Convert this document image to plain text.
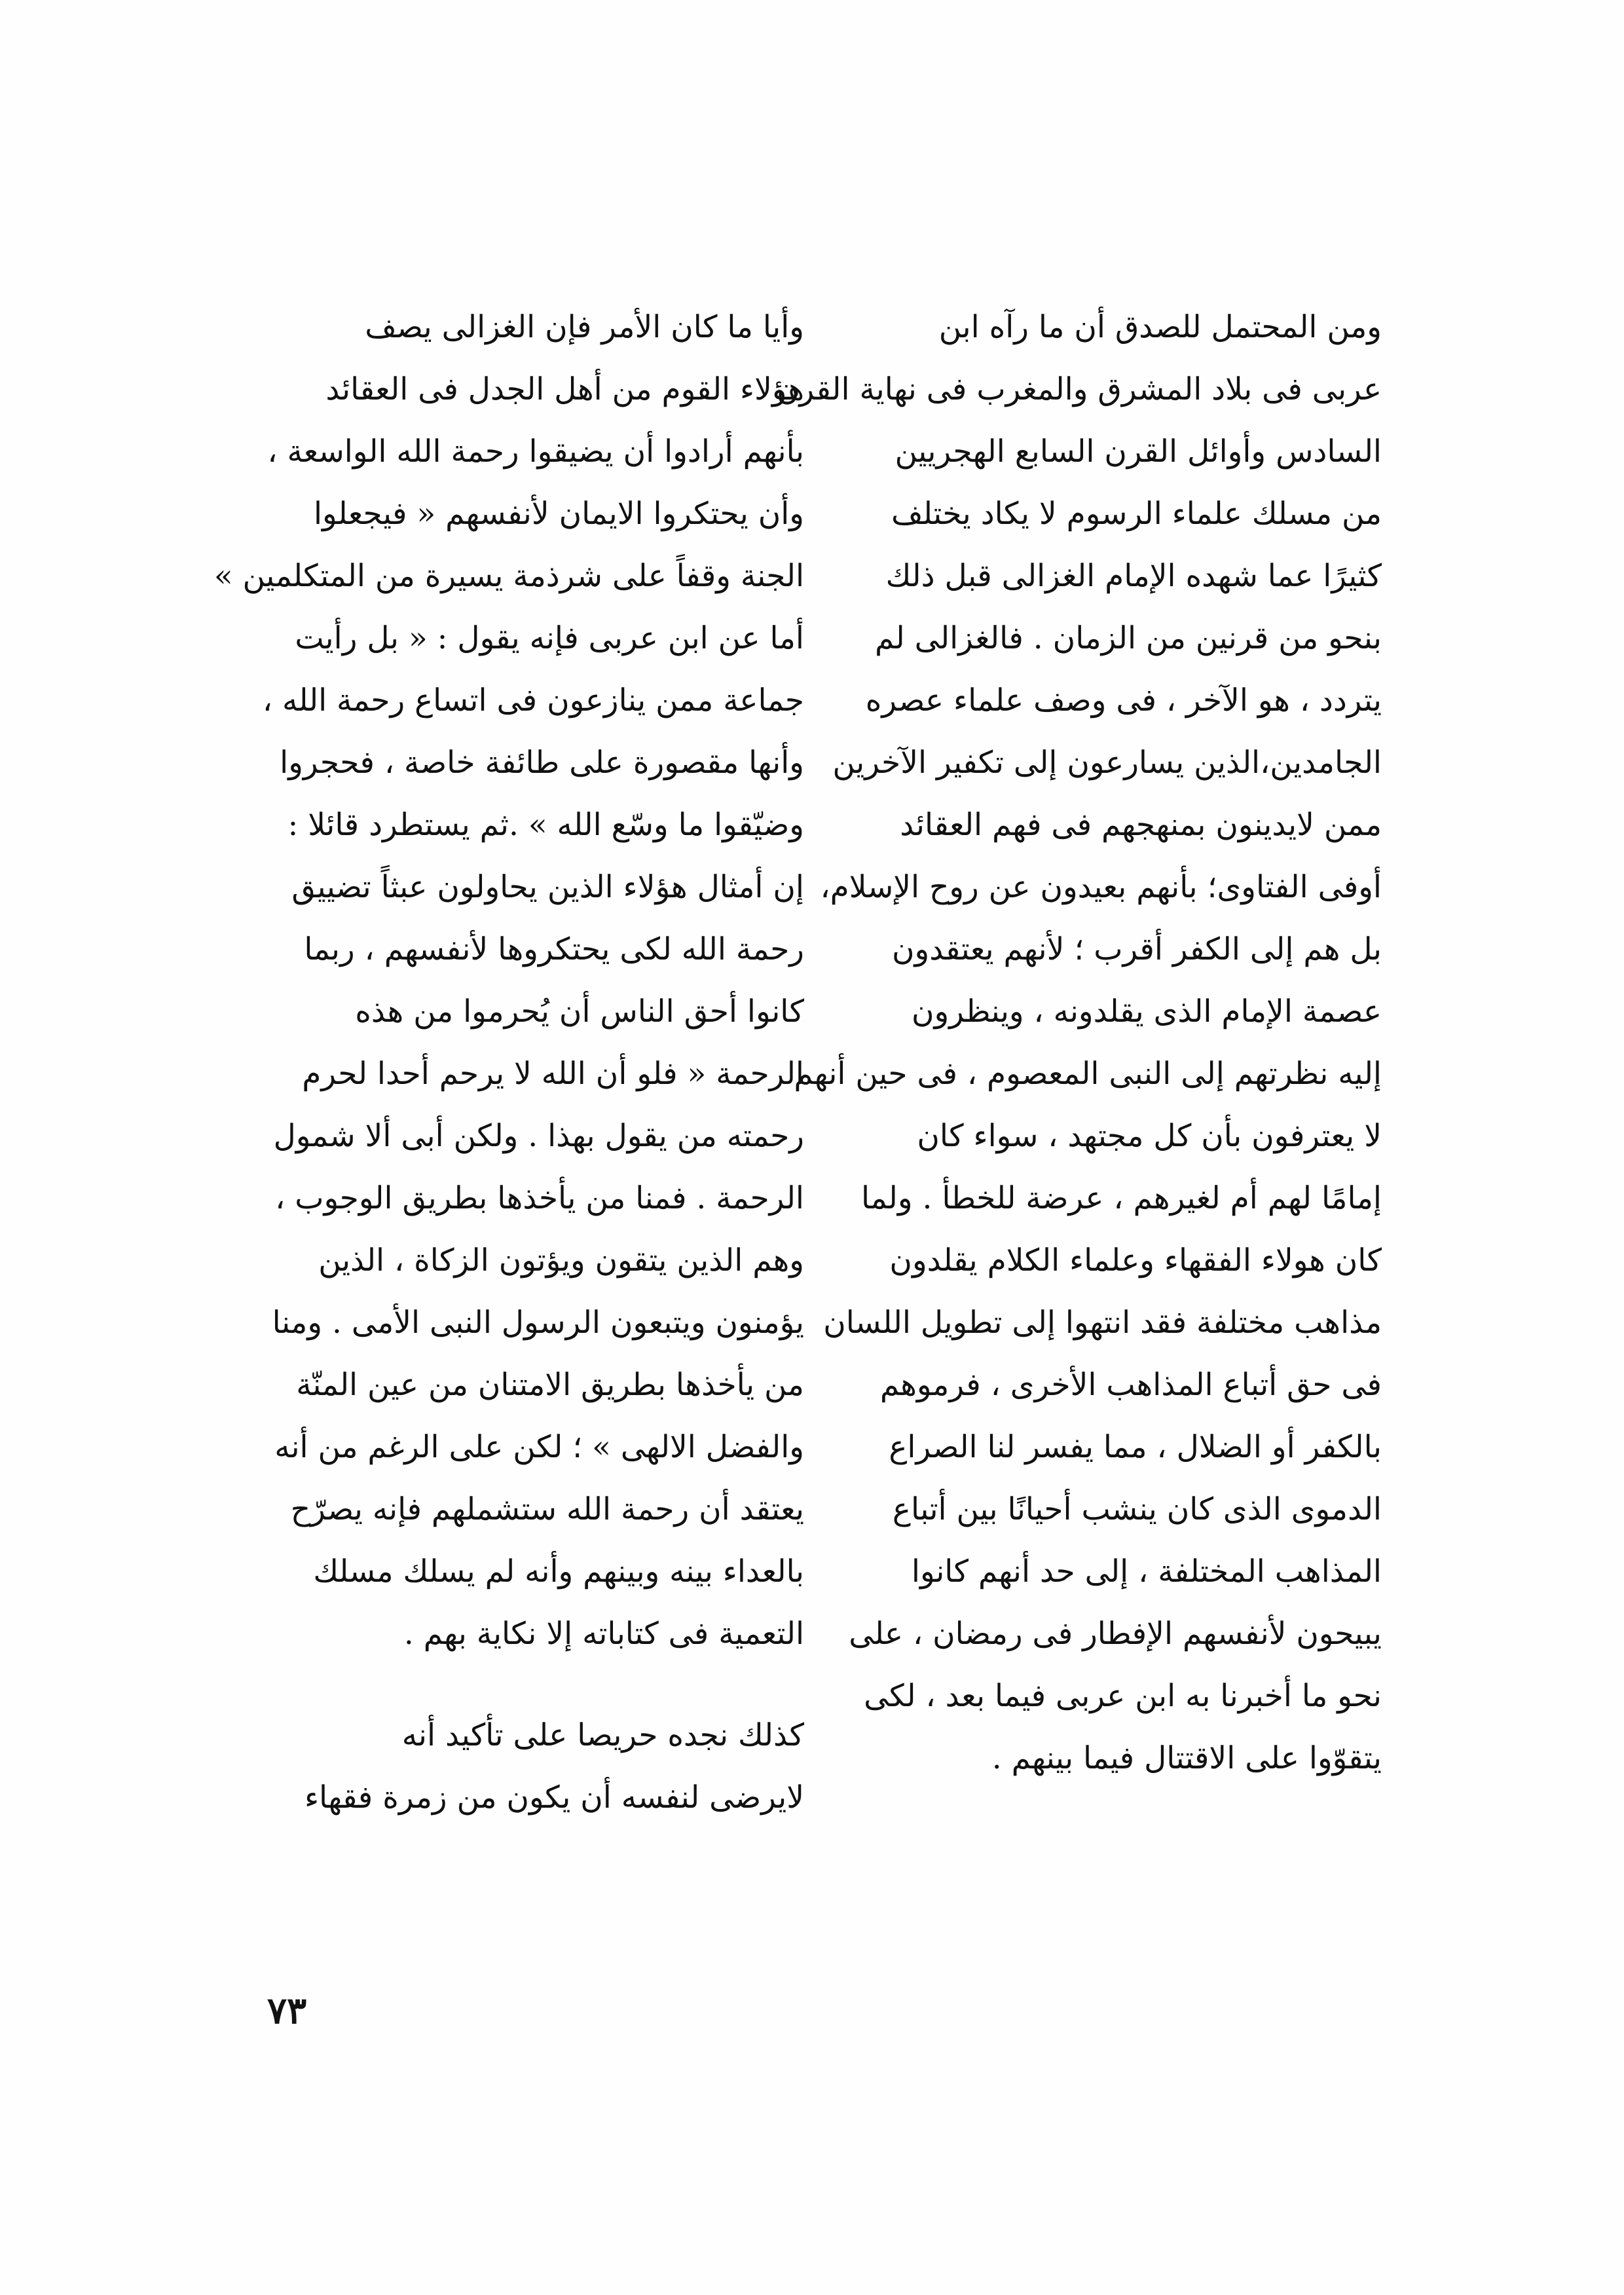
ومن المحتمل للصدق أن ما رآه ابن
عربى فى بلاد المشرق والمغرب فى نهاية القرن
السادس وأوائل القرن السابع الهجريين
من مسلك علماء الرسوم لا يكاد يختلف
كثيرًا عما شهده الإمام الغزالى قبل ذلك
بنحو من قرنين من الزمان . فالغزالى لم
يتردد ، هو الآخر ، فى وصف علماء عصره
الجامدين،الذين يسارعون إلى تكفير الآخرين
ممن لايدينون بمنهجهم فى فهم العقائد
أوفى الفتاوى؛ بأنهم بعيدون عن روح الإسلام،
بل هم إلى الكفر أقرب ؛ لأنهم يعتقدون
عصمة الإمام الذى يقلدونه ، وينظرون
إليه نظرتهم إلى النبى المعصوم ، فى حين أنهم
لا يعترفون بأن كل مجتهد ، سواء كان
إمامًا لهم أم لغيرهم ، عرضة للخطأ . ولما
كان هولاء الفقهاء وعلماء الكلام يقلدون
مذاهب مختلفة فقد انتهوا إلى تطويل اللسان
فى حق أتباع المذاهب الأخرى ، فرموهم
بالكفر أو الضلال ، مما يفسر لنا الصراع
الدموى الذى كان ينشب أحيانًا بين أتباع
المذاهب المختلفة ، إلى حد أنهم كانوا
يبيحون لأنفسهم الإفطار فى رمضان ، على
نحو ما أخبرنا به ابن عربى فيما بعد ، لكى
يتقوّوا على الاقتتال فيما بينهم .
وأيا ما كان الأمر فإن الغزالى يصف
هؤلاء القوم من أهل الجدل فى العقائد
بأنهم أرادوا أن يضيقوا رحمة الله الواسعة ،
وأن يحتكروا الايمان لأنفسهم « فيجعلوا
الجنة وقفاً على شرذمة يسيرة من المتكلمين »
أما عن ابن عربى فإنه يقول : « بل رأيت
جماعة ممن ينازعون فى اتساع رحمة الله ،
وأنها مقصورة على طائفة خاصة ، فحجروا
وضيّقوا ما وسّع الله » .ثم يستطرد قائلا :
إن أمثال هؤلاء الذين يحاولون عبثاً تضييق
رحمة الله لكى يحتكروها لأنفسهم ، ربما
كانوا أحق الناس أن يُحرموا من هذه
الرحمة « فلو أن الله لا يرحم أحدا لحرم
رحمته من يقول بهذا . ولكن أبى ألا شمول
الرحمة . فمنا من يأخذها بطريق الوجوب ،
وهم الذين يتقون ويؤتون الزكاة ، الذين
يؤمنون ويتبعون الرسول النبى الأمى . ومنا
من يأخذها بطريق الامتنان من عين المنّة
والفضل الالهى » ؛ لكن على الرغم من أنه
يعتقد أن رحمة الله ستشملهم فإنه يصرّح
بالعداء بينه وبينهم وأنه لم يسلك مسلك
التعمية فى كتاباته إلا نكاية بهم .
كذلك نجده حريصا على تأكيد أنه
لايرضى لنفسه أن يكون من زمرة فقهاء
٧٣
